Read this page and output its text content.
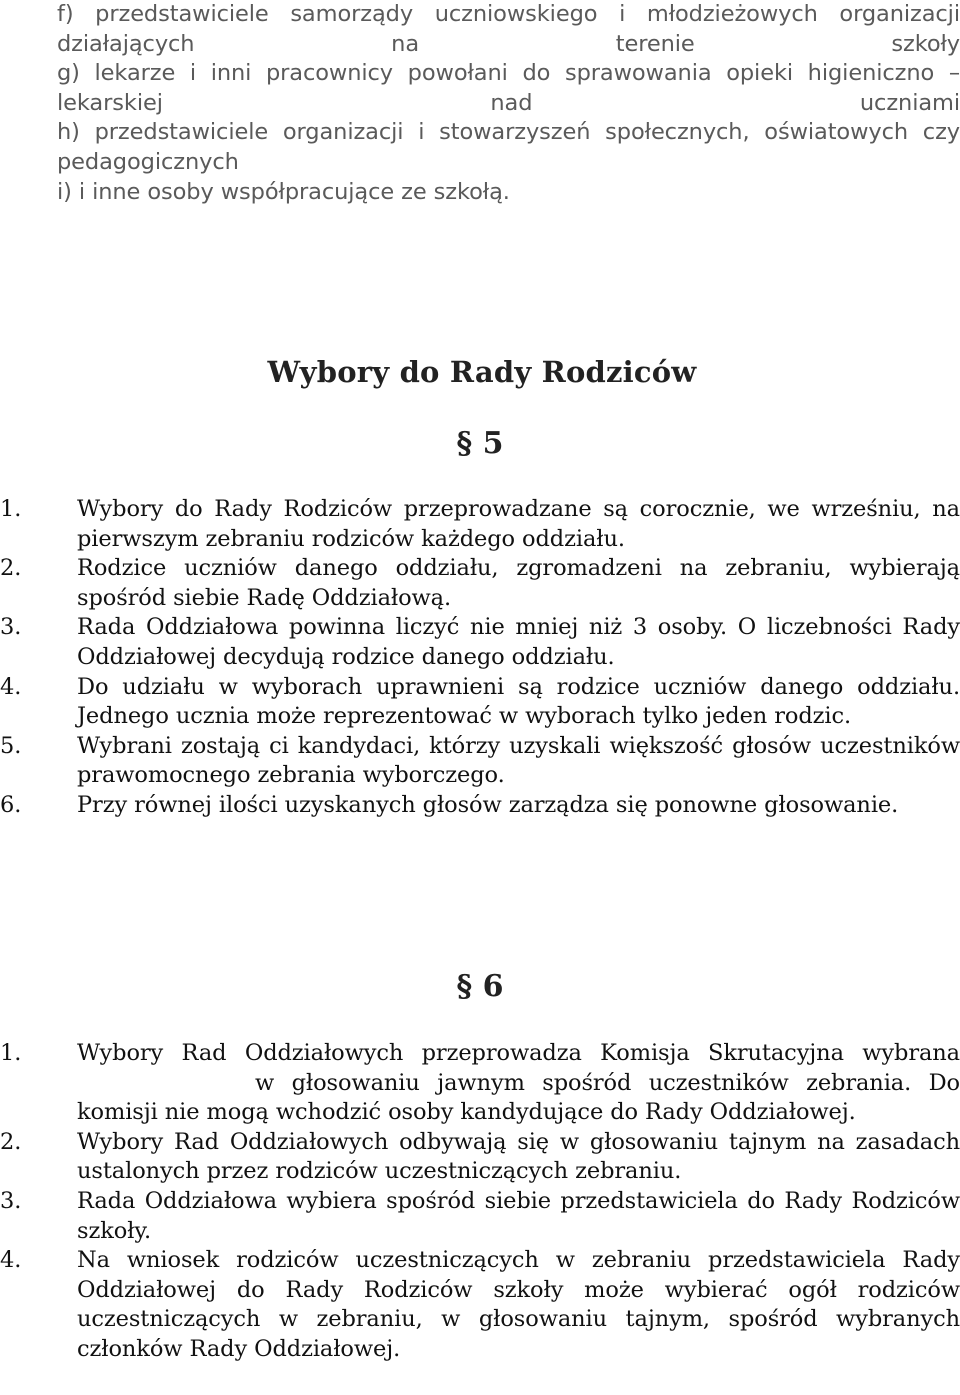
f) przedstawiciele samorządy uczniowskiego i młodzieżowych organizacji działających na terenie szkoły

g) lekarze i inni pracownicy powołani do sprawowania opieki higieniczno – lekarskiej nad uczniami

h) przedstawiciele organizacji i stowarzyszeń społecznych, oświatowych czy pedagogicznych

i) i inne osoby współpracujące ze szkołą.

Wybory do Rady Rodziców
§ 5
1. Wybory do Rady Rodziców przeprowadzane są corocznie, we wrześniu, na pierwszym zebraniu rodziców każdego oddziału.
2. Rodzice uczniów danego oddziału, zgromadzeni na zebraniu, wybierają spośród siebie Radę Oddziałową.
3. Rada Oddziałowa powinna liczyć nie mniej niż 3 osoby. O liczebności Rady Oddziałowej decydują rodzice danego oddziału.
4. Do udziału w wyborach uprawnieni są rodzice uczniów danego oddziału. Jednego ucznia może reprezentować w wyborach tylko jeden rodzic.
5. Wybrani zostają ci kandydaci, którzy uzyskali większość głosów uczestników prawomocnego zebrania wyborczego.
6. Przy równej ilości uzyskanych głosów zarządza się ponowne głosowanie.
§ 6
1. Wybory Rad Oddziałowych przeprowadza Komisja Skrutacyjna wybranaw głosowaniu jawnym spośród uczestników zebrania. Do komisji nie mogą wchodzić osoby kandydujące do Rady Oddziałowej.
2. Wybory Rad Oddziałowych odbywają się w głosowaniu tajnym na zasadach ustalonych przez rodziców uczestniczących zebraniu.
3. Rada Oddziałowa wybiera spośród siebie przedstawiciela do Rady Rodziców szkoły.
4. Na wniosek rodziców uczestniczących w zebraniu przedstawiciela Rady Oddziałowej do Rady Rodziców szkoły może wybierać ogół rodziców uczestniczących w zebraniu, w głosowaniu tajnym, spośród wybranych członków Rady Oddziałowej.
